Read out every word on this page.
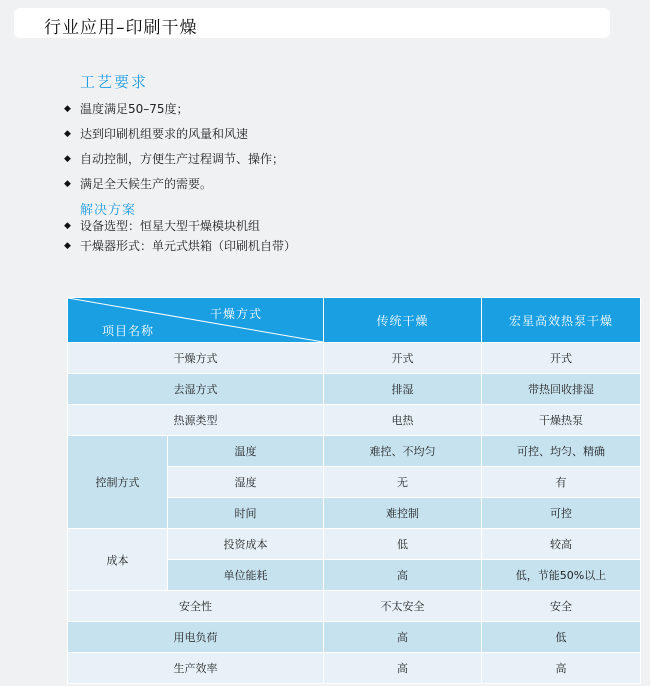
行业应用–印刷干燥
工艺要求
◆ 温度满足50–75度；
◆ 达到印刷机组要求的风量和风速
◆ 自动控制，方便生产过程调节、操作；
◆ 满足全天候生产的需要。
解决方案
◆ 设备选型：恒星大型干燥模块机组
◆ 干燥器形式：单元式烘箱（印刷机自带）
干燥方式
项目名称		传统干燥	宏星高效热泵干燥
干燥方式		开式	开式
去湿方式		排湿	带热回收排湿
热源类型		电热	干燥热泵
控制方式	温度	难控、不均匀	可控、均匀、精确
	湿度	无	有
	时间	难控制	可控
成本	投资成本	低	较高
	单位能耗	高	低，节能50%以上
安全性		不太安全	安全
用电负荷		高	低
生产效率		高	高
